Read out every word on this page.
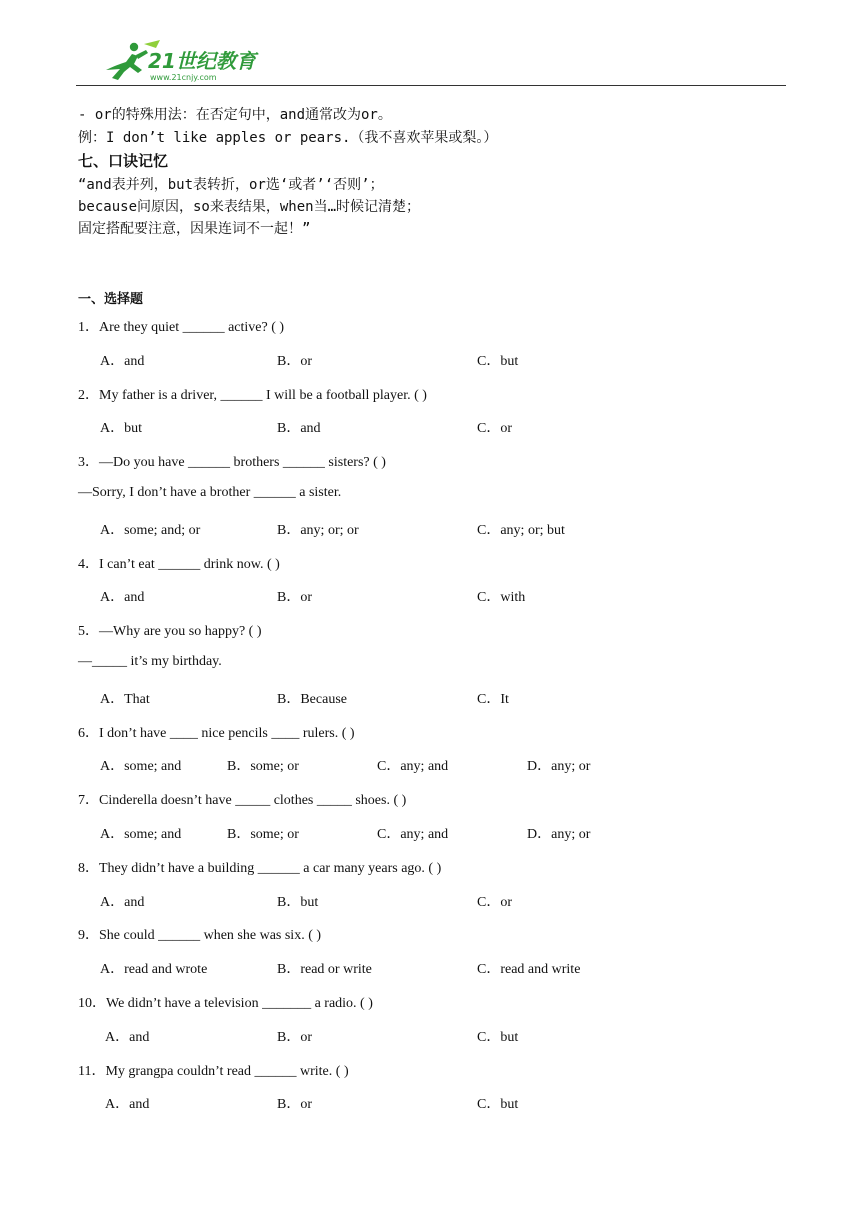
21世纪教育
www.21cnjy.com
- or的特殊用法：在否定句中，and通常改为or。
例：I don’t like apples or pears.（我不喜欢苹果或梨。）
七、口诀记忆
“and表并列，but表转折，or选‘或者’‘否则’；
because问原因，so来表结果，when当…时候记清楚；
固定搭配要注意，因果连词不一起！”
一、选择题
1．Are they quiet ______ active? ( )
A．and	B．or	C．but
2．My father is a driver, ______ I will be a football player. ( )
A．but	B．and	C．or
3．—Do you have ______ brothers ______ sisters? ( )
—Sorry, I don’t have a brother ______ a sister.
A．some; and; or	B．any; or; or	C．any; or; but
4．I can’t eat ______ drink now. ( )
A．and	B．or	C．with
5．—Why are you so happy? ( )
—_____ it’s my birthday.
A．That	B．Because	C．It
6．I don’t have ____ nice pencils ____ rulers. ( )
A．some; and	B．some; or	C．any; and	D．any; or
7．Cinderella doesn’t have _____ clothes _____ shoes. ( )
A．some; and	B．some; or	C．any; and	D．any; or
8．They didn’t have a building ______ a car many years ago. ( )
A．and	B．but	C．or
9．She could ______ when she was six. ( )
A．read and wrote	B．read or write	C．read and write
10．We didn’t have a television _______ a radio. ( )
A．and	B．or	C．but
11．My grangpa couldn’t read ______ write. ( )
A．and	B．or	C．but
